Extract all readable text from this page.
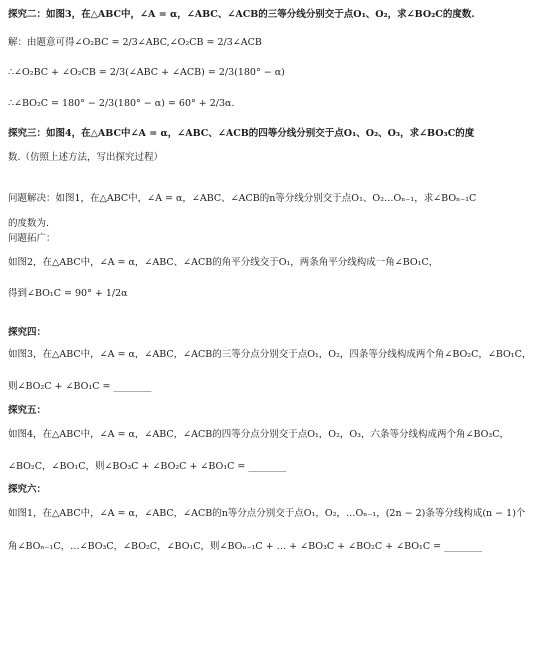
探究二：如图3，在△ABC中，∠A = α，∠ABC、∠ACB的三等分线分别交于点O₁、O₂，求∠BO₂C的度数.
解：由题意可得∠O₂BC = 2/3∠ABC,∠O₂CB = 2/3∠ACB
∴∠O₂BC + ∠O₂CB = 2/3(∠ABC + ∠ACB) = 2/3(180° − α)
∴∠BO₂C = 180° − 2/3(180° − α) = 60° + 2/3α.
探究三：如图4，在△ABC中∠A = α，∠ABC、∠ACB的四等分线分别交于点O₁、O₂、O₃，求∠BO₃C的度
数.（仿照上述方法，写出探究过程）
问题解决：如图1，在△ABC中，∠A = α，∠ABC、∠ACB的n等分线分别交于点O₁、O₂…Oₙ₋₁，求∠BOₙ₋₁C
的度数为.
问题拓广：
如图2，在△ABC中，∠A = α，∠ABC、∠ACB的角平分线交于O₁，两条角平分线构成一角∠BO₁C，
得到∠BO₁C = 90° + 1/2α
探究四：
如图3，在△ABC中，∠A = α，∠ABC，∠ACB的三等分点分别交于点O₁，O₂，四条等分线构成两个角∠BO₂C，∠BO₁C，
则∠BO₂C + ∠BO₁C = ________
探究五：
如图4，在△ABC中，∠A = α，∠ABC，∠ACB的四等分点分别交于点O₁，O₂，O₃，六条等分线构成两个角∠BO₃C，
∠BO₂C，∠BO₁C，则∠BO₃C + ∠BO₂C + ∠BO₁C = ________
探究六：
如图1，在△ABC中，∠A = α，∠ABC，∠ACB的n等分点分别交于点O₁，O₂，…Oₙ₋₁，(2n − 2)条等分线构成(n − 1)个
角∠BOₙ₋₁C，…∠BO₃C，∠BO₂C，∠BO₁C，则∠BOₙ₋₁C + … + ∠BO₃C + ∠BO₂C + ∠BO₁C = ________
